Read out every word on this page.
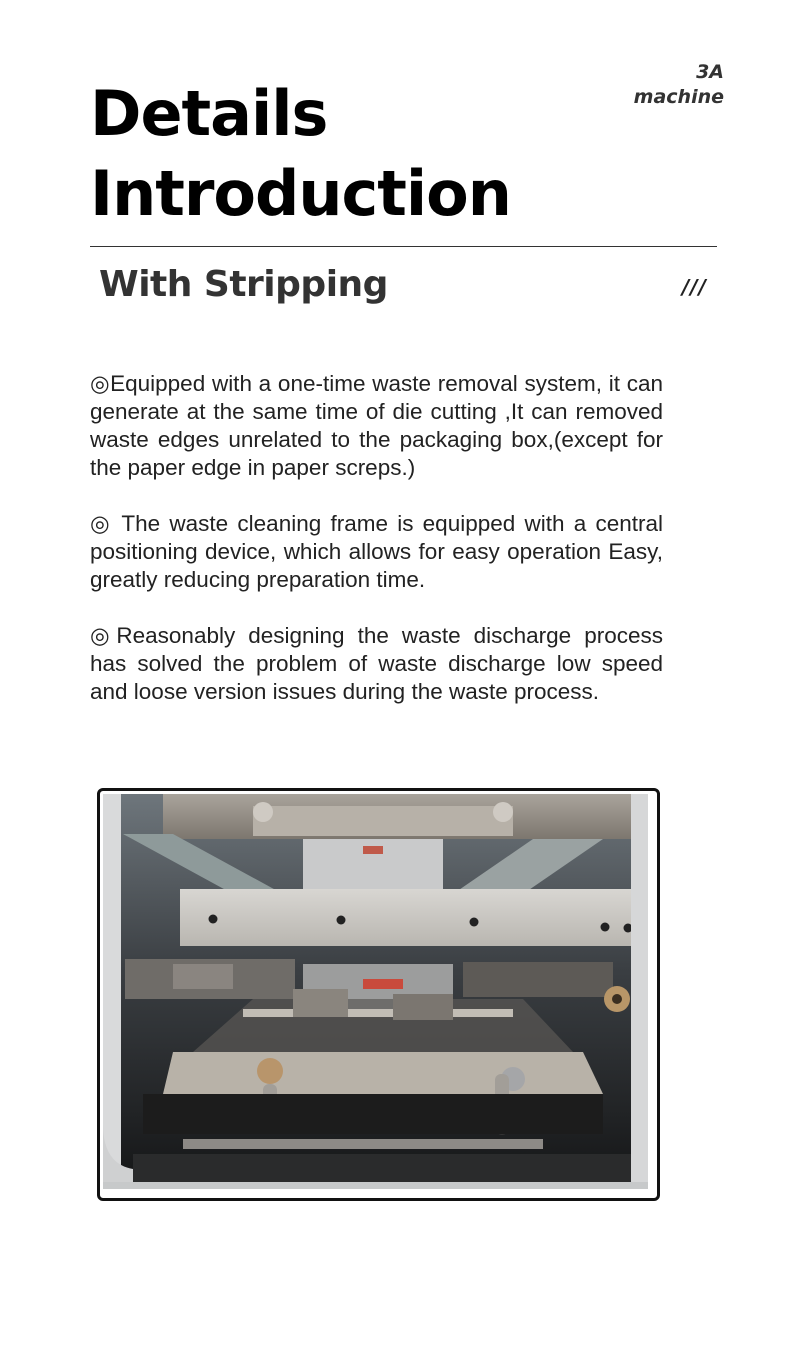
Details
Introduction
3A
machine
With Stripping	///

◎Equipped with a one-time waste removal system, it can generate at the same time of die cutting ,It can removed waste edges unrelated to the packaging box,(except for the paper edge in paper screps.)

◎ The waste cleaning frame is equipped with a central positioning device, which allows for easy operation Easy, greatly reducing preparation time.

◎Reasonably designing the waste discharge process has solved the problem of waste discharge low speed and loose version issues during the waste process.
